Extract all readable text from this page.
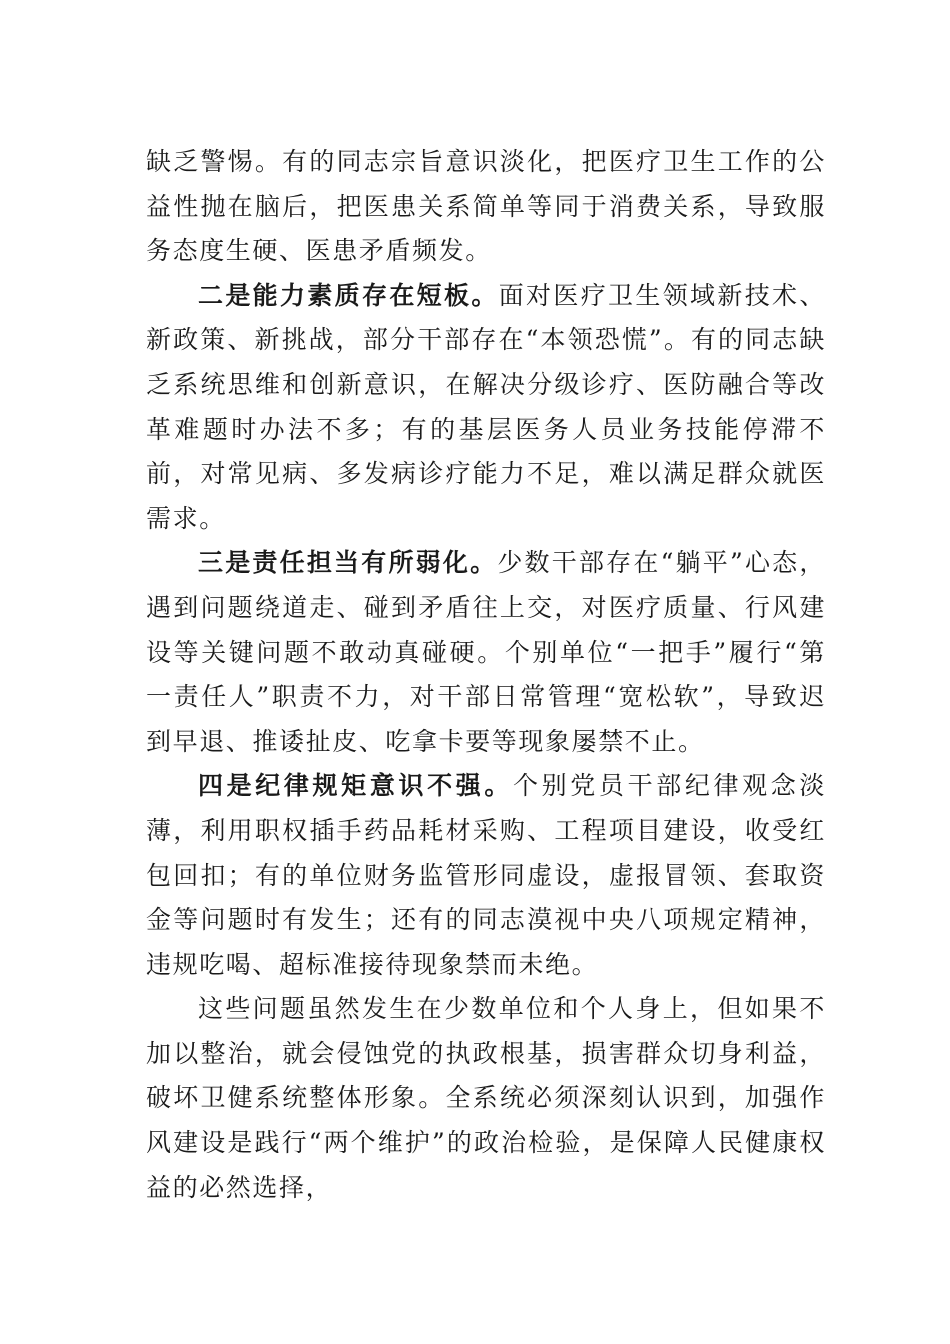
缺乏警惕。有的同志宗旨意识淡化，把医疗卫生工作的公益性抛在脑后，把医患关系简单等同于消费关系，导致服务态度生硬、医患矛盾频发。

二是能力素质存在短板。面对医疗卫生领域新技术、新政策、新挑战，部分干部存在“本领恐慌”。有的同志缺乏系统思维和创新意识，在解决分级诊疗、医防融合等改革难题时办法不多；有的基层医务人员业务技能停滞不前，对常见病、多发病诊疗能力不足，难以满足群众就医需求。

三是责任担当有所弱化。少数干部存在“躺平”心态，遇到问题绕道走、碰到矛盾往上交，对医疗质量、行风建设等关键问题不敢动真碰硬。个别单位“一把手”履行“第一责任人”职责不力，对干部日常管理“宽松软”，导致迟到早退、推诿扯皮、吃拿卡要等现象屡禁不止。

四是纪律规矩意识不强。个别党员干部纪律观念淡薄，利用职权插手药品耗材采购、工程项目建设，收受红包回扣；有的单位财务监管形同虚设，虚报冒领、套取资金等问题时有发生；还有的同志漠视中央八项规定精神，违规吃喝、超标准接待现象禁而未绝。

这些问题虽然发生在少数单位和个人身上，但如果不加以整治，就会侵蚀党的执政根基，损害群众切身利益，破坏卫健系统整体形象。全系统必须深刻认识到，加强作风建设是践行“两个维护”的政治检验，是保障人民健康权益的必然选择，
